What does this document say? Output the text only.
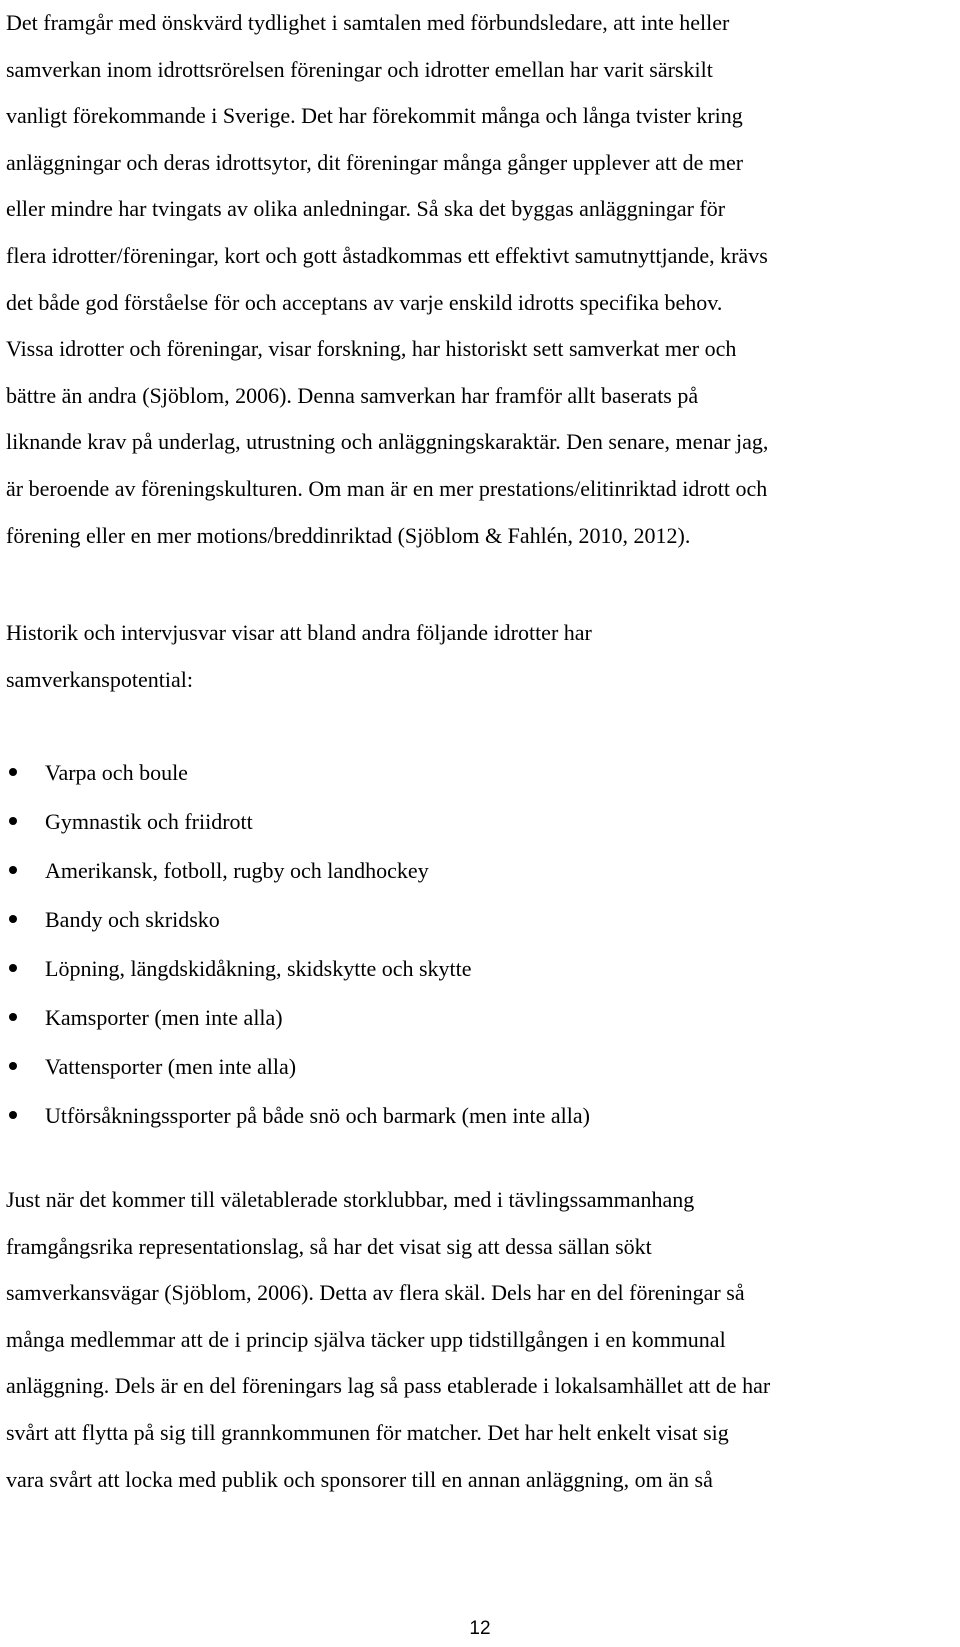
Det framgår med önskvärd tydlighet i samtalen med förbundsledare, att inte heller
samverkan inom idrottsrörelsen föreningar och idrotter emellan har varit särskilt
vanligt förekommande i Sverige. Det har förekommit många och långa tvister kring
anläggningar och deras idrottsytor, dit föreningar många gånger upplever att de mer
eller mindre har tvingats av olika anledningar. Så ska det byggas anläggningar för
flera idrotter/föreningar, kort och gott åstadkommas ett effektivt samutnyttjande, krävs
det både god förståelse för och acceptans av varje enskild idrotts specifika behov.
Vissa idrotter och föreningar, visar forskning, har historiskt sett samverkat mer och
bättre än andra (Sjöblom, 2006). Denna samverkan har framför allt baserats på
liknande krav på underlag, utrustning och anläggningskaraktär. Den senare, menar jag,
är beroende av föreningskulturen. Om man är en mer prestations/elitinriktad idrott och
förening eller en mer motions/breddinriktad (Sjöblom & Fahlén, 2010, 2012).

Historik och intervjusvar visar att bland andra följande idrotter har
samverkanspotential:

Varpa och boule
Gymnastik och friidrott
Amerikansk, fotboll, rugby och landhockey
Bandy och skridsko
Löpning, längdskidåkning, skidskytte och skytte
Kamsporter (men inte alla)
Vattensporter (men inte alla)
Utförsåkningssporter på både snö och barmark (men inte alla)

Just när det kommer till väletablerade storklubbar, med i tävlingssammanhang
framgångsrika representationslag, så har det visat sig att dessa sällan sökt
samverkansvägar (Sjöblom, 2006). Detta av flera skäl. Dels har en del föreningar så
många medlemmar att de i princip själva täcker upp tidstillgången i en kommunal
anläggning. Dels är en del föreningars lag så pass etablerade i lokalsamhället att de har
svårt att flytta på sig till grannkommunen för matcher. Det har helt enkelt visat sig
vara svårt att locka med publik och sponsorer till en annan anläggning, om än så

12
